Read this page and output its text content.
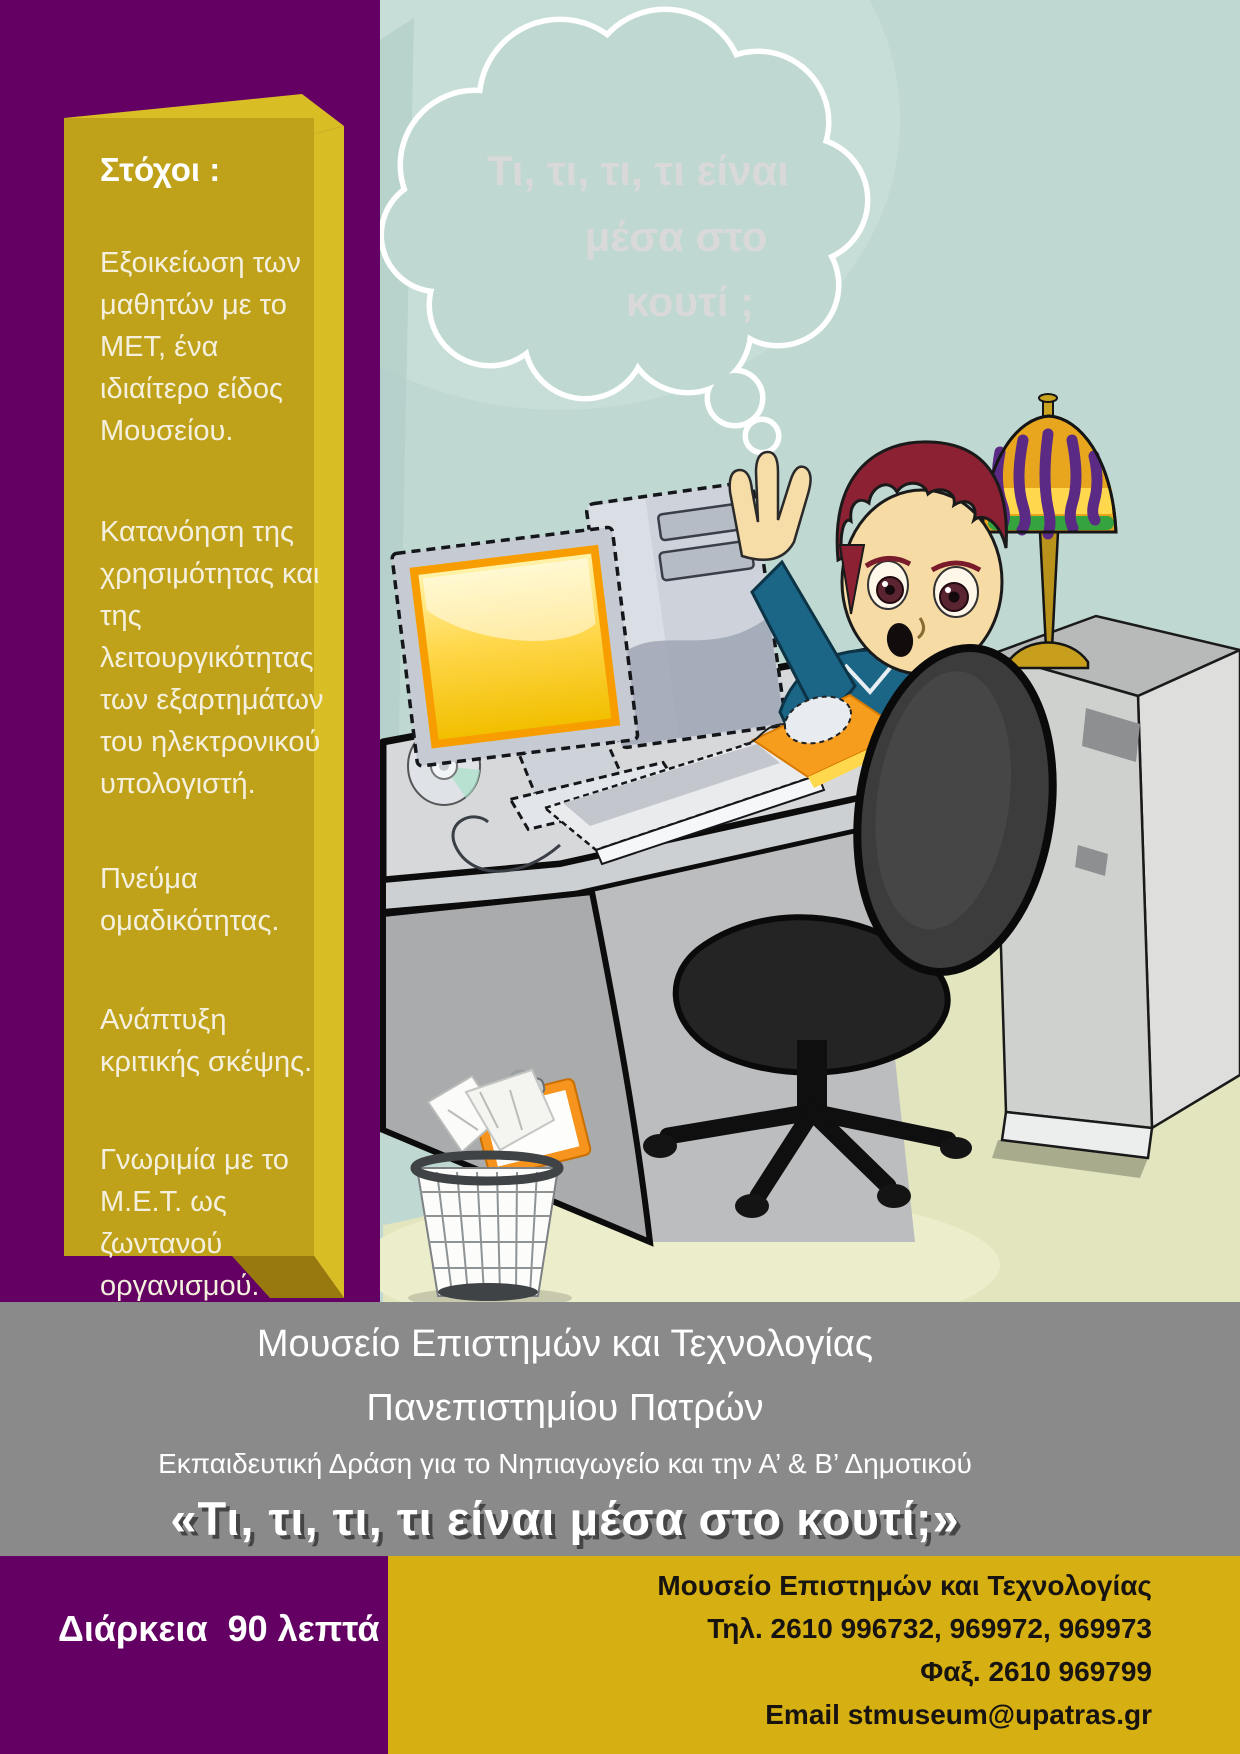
Τι, τι, τι, τι είναι
μέσα στο
κουτί ;
Στόχοι :

Εξοικείωση των μαθητών με το ΜΕΤ, ένα ιδιαίτερο είδος Μουσείου.

Κατανόηση της χρησιμότητας και της λειτουργικότητας των εξαρτημάτων του ηλεκτρονικού υπολογιστή.

Πνεύμα ομαδικότητας.

Ανάπτυξη κριτικής σκέψης.

Γνωριμία με το Μ.Ε.Τ. ως ζωντανού οργανισμού.

Μουσείο Επιστημών και Τεχνολογίας
Πανεπιστημίου Πατρών
Εκπαιδευτική Δράση για το Νηπιαγωγείο και την Α’ & Β’ Δημοτικού
«Τι, τι, τι, τι είναι μέσα στο κουτί;»
Διάρκεια  90 λεπτά
Μουσείο Επιστημών και Τεχνολογίας
Τηλ. 2610 996732, 969972, 969973
Φαξ. 2610 969799
Email stmuseum@upatras.gr
